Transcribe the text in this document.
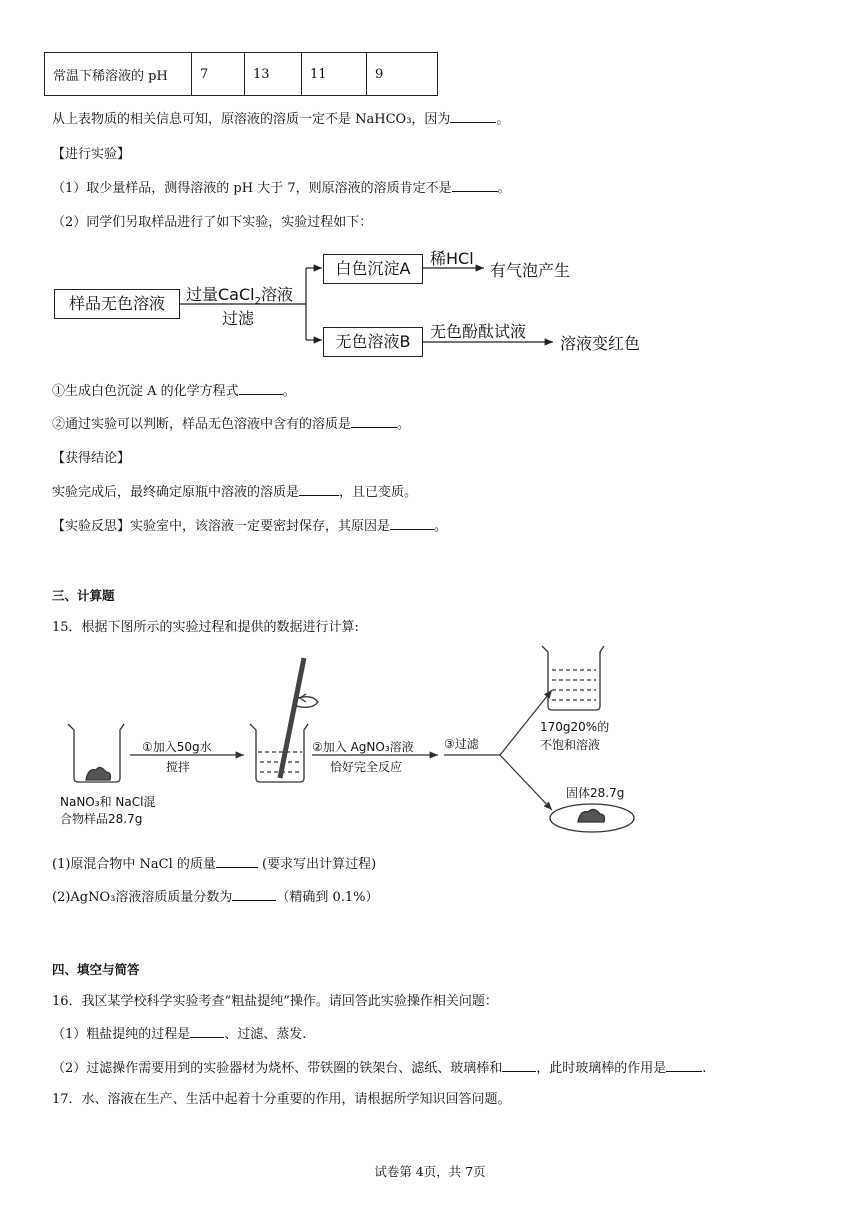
常温下稀溶液的 pH	7	13	11	9
从上表物质的相关信息可知，原溶液的溶质一定不是 NaHCO₃，因为	。
【进行实验】
（1）取少量样品，测得溶液的 pH 大于 7，则原溶液的溶质肯定不是	。
（2）同学们另取样品进行了如下实验，实验过程如下：
样品无色溶液	过量CaCl$_2$溶液
过滤
白色沉淀A
稀HCl
有气泡产生
无色溶液B
无色酚酞试液
溶液变红色
①生成白色沉淀 A 的化学方程式	。
②通过实验可以判断，样品无色溶液中含有的溶质是	。
【获得结论】
实验完成后，最终确定原瓶中溶液的溶质是	，且已变质。
【实验反思】实验室中，该溶液一定要密封保存，其原因是	。
三、计算题
15．根据下图所示的实验过程和提供的数据进行计算:
NaNO₃和 NaCl混
合物样品28.7g
①加入50g水
搅拌
②加入 AgNO₃溶液
恰好完全反应
③过滤
170g20%的
不饱和溶液
固体28.7g
(1)原混合物中 NaCl 的质量	(要求写出计算过程)
(2)AgNO₃溶液溶质质量分数为	（精确到 0.1%）
四、填空与简答
16．我区某学校科学实验考查“粗盐提纯”操作。请回答此实验操作相关问题：
（1）粗盐提纯的过程是	、过滤、蒸发.
（2）过滤操作需要用到的实验器材为烧杯、带铁圈的铁架台、滤纸、玻璃棒和	，此时玻璃棒的作用是	.
17．水、溶液在生产、生活中起着十分重要的作用，请根据所学知识回答问题。
试卷第 4页，共 7页
